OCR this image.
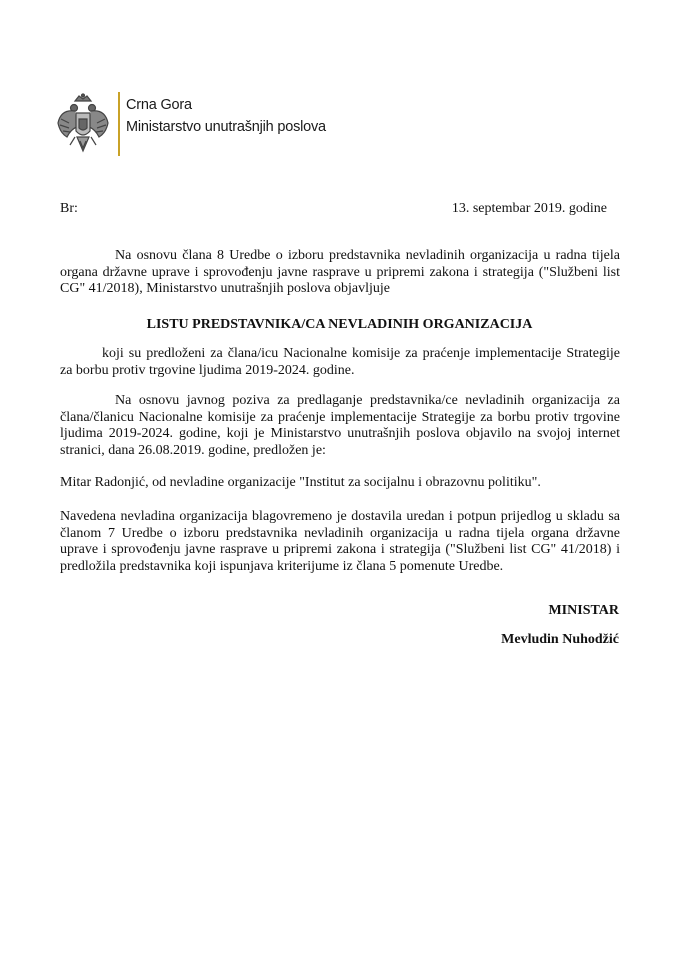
Crna Gora
Ministarstvo unutrašnjih poslova
Br:	13. septembar 2019. godine
Na osnovu člana 8 Uredbe o izboru predstavnika nevladinih organizacija u radna tijela organa državne uprave i sprovođenju javne rasprave u pripremi zakona i strategija ("Službeni list CG" 41/2018), Ministarstvo unutrašnjih poslova objavljuje
LISTU PREDSTAVNIKA/CA NEVLADINIH ORGANIZACIJA
koji su predloženi za člana/icu Nacionalne komisije za praćenje implementacije Strategije za borbu protiv trgovine ljudima 2019-2024. godine.
Na osnovu javnog poziva za predlaganje predstavnika/ce nevladinih organizacija za člana/članicu Nacionalne komisije za praćenje implementacije Strategije za borbu protiv trgovine ljudima 2019-2024. godine, koji je Ministarstvo unutrašnjih poslova objavilo na svojoj internet stranici, dana 26.08.2019. godine, predložen je:
Mitar Radonjić, od nevladine organizacije "Institut za socijalnu i obrazovnu politiku".
Navedena nevladina organizacija blagovremeno je dostavila uredan i potpun prijedlog u skladu sa članom 7 Uredbe o izboru predstavnika nevladinih organizacija u radna tijela organa državne uprave i sprovođenju javne rasprave u pripremi zakona i strategija ("Službeni list CG" 41/2018) i predložila predstavnika koji ispunjava kriterijume iz člana 5 pomenute Uredbe.
MINISTAR
Mevludin Nuhodžić
